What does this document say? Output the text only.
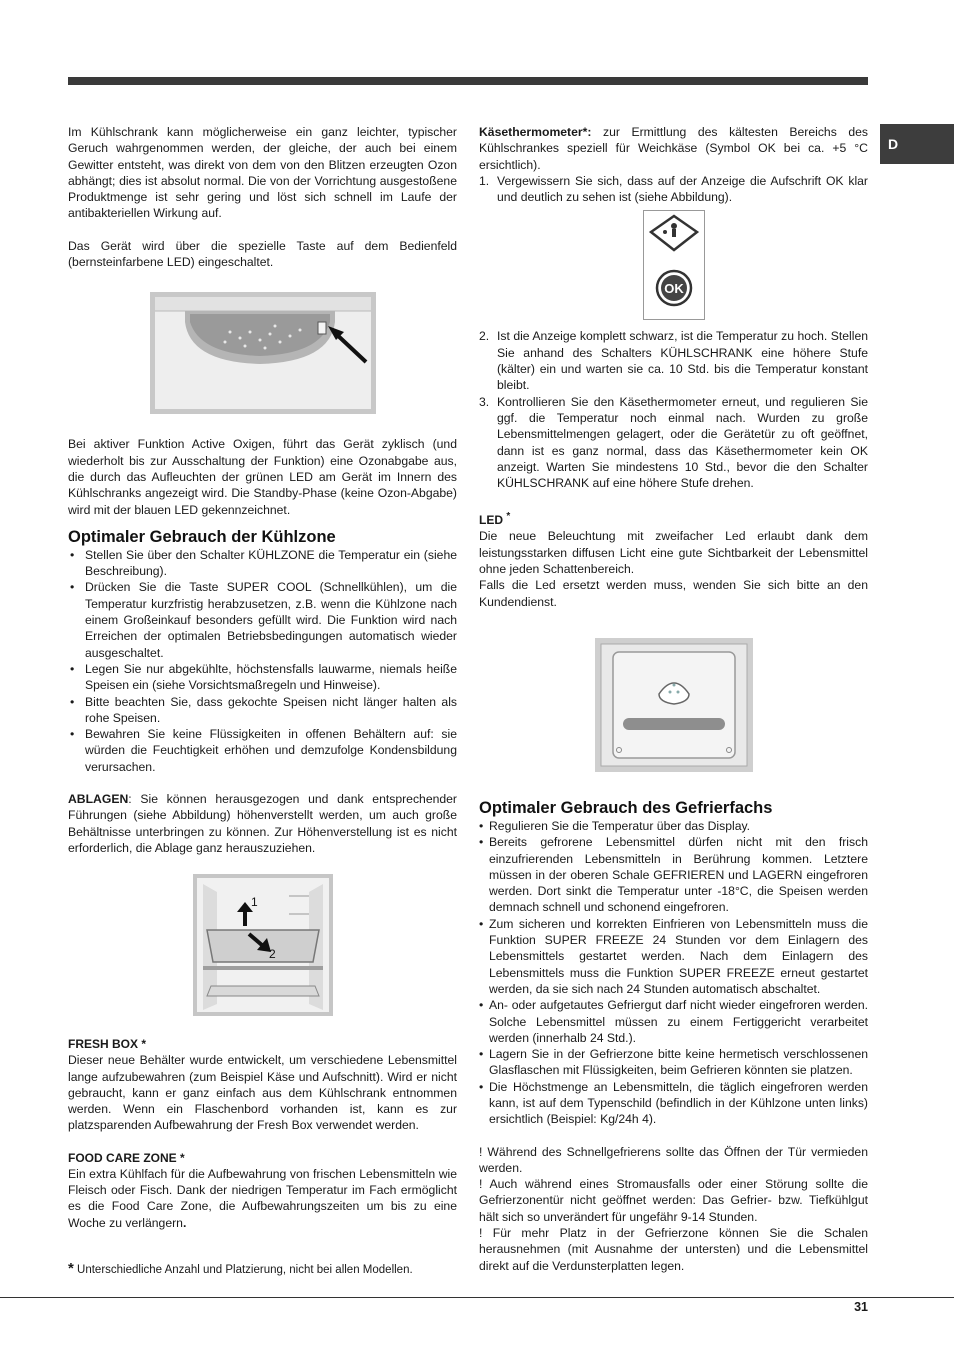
D

Im Kühlschrank kann möglicherweise ein ganz leichter, typischer Geruch wahrgenommen werden, der gleiche, der auch bei einem Gewitter entsteht, was direkt von dem von den Blitzen erzeugten Ozon abhängt; dies ist absolut normal. Die von der Vorrichtung ausgestoßene Produktmenge ist sehr gering und löst sich schnell im Laufe der antibakteriellen Wirkung auf.

Das Gerät wird über die spezielle Taste auf dem Bedienfeld (bernsteinfarbene LED) eingeschaltet.

Bei aktiver Funktion Active Oxigen, führt das Gerät zyklisch (und wiederholt bis zur Ausschaltung der Funktion) eine Ozonabgabe aus, die durch das Aufleuchten der grünen LED am Gerät im Innern des Kühlschranks angezeigt wird. Die Standby-Phase (keine Ozon-Abgabe) wird mit der blauen LED gekennzeichnet.

Optimaler Gebrauch der Kühlzone
• Stellen Sie über den Schalter KÜHLZONE die Temperatur ein (siehe Beschreibung).
• Drücken Sie die Taste SUPER COOL (Schnellkühlen), um die Temperatur kurzfristig herabzusetzen, z.B. wenn die Kühlzone nach einem Großeinkauf besonders gefüllt wird. Die Funktion wird nach Erreichen der optimalen Betriebsbedingungen automatisch wieder ausgeschaltet.
• Legen Sie nur abgekühlte, höchstensfalls lauwarme, niemals heiße Speisen ein (siehe Vorsichtsmaßregeln und Hinweise).
• Bitte beachten Sie, dass gekochte Speisen nicht länger halten als rohe Speisen.
• Bewahren Sie keine Flüssigkeiten in offenen Behältern auf: sie würden die Feuchtigkeit erhöhen und demzufolge Kondensbildung verursachen.

ABLAGEN: Sie können herausgezogen und dank entsprechender Führungen (siehe Abbildung) höhenverstellt werden, um auch große Behältnisse unterbringen zu können. Zur Höhenverstellung ist es nicht erforderlich, die Ablage ganz herauszuziehen.

1
2
FRESH BOX *

Dieser neue Behälter wurde entwickelt, um verschiedene Lebensmittel lange aufzubewahren (zum Beispiel Käse und Aufschnitt). Wird er nicht gebraucht, kann er ganz einfach aus dem Kühlschrank entnommen werden. Wenn ein Flaschenbord vorhanden ist, kann es zur platzsparenden Aufbewahrung der Fresh Box verwendet werden.

FOOD CARE ZONE *

Ein extra Kühlfach für die Aufbewahrung von frischen Lebensmitteln wie Fleisch oder Fisch. Dank der niedrigen Temperatur im Fach ermöglicht es die Food Care Zone, die Aufbewahrungszeiten um bis zu eine Woche zu verlängern.

* Unterschiedliche Anzahl und Platzierung, nicht bei allen Modellen.

Käsethermometer*: zur Ermittlung des kältesten Bereichs des Kühlschrankes speziell für Weichkäse (Symbol OK bei ca. +5 °C ersichtlich).

1. Vergewissern Sie sich, dass auf der Anzeige die Aufschrift OK klar und deutlich zu sehen ist (siehe Abbildung).
OK
2. Ist die Anzeige komplett schwarz, ist die Temperatur zu hoch. Stellen Sie anhand des Schalters KÜHLSCHRANK eine höhere Stufe (kälter) ein und warten sie ca. 10 Std. bis die Temperatur konstant bleibt.
3. Kontrollieren Sie den Käsethermometer erneut, und regulieren Sie ggf. die Temperatur noch einmal nach. Wurden zu große Lebensmittelmengen gelagert, oder die Gerätetür zu oft geöffnet, dann ist es ganz normal, dass das Käsethermometer kein OK anzeigt. Warten Sie mindestens 10 Std., bevor die den Schalter KÜHLSCHRANK auf eine höhere Stufe drehen.
LED *

Die neue Beleuchtung mit zweifacher Led erlaubt dank dem leistungsstarken diffusen Licht eine gute Sichtbarkeit der Lebensmittel ohne jeden Schattenbereich.

Falls die Led ersetzt werden muss, wenden Sie sich bitte an den Kundendienst.

Optimaler Gebrauch des Gefrierfachs
• Regulieren Sie die Temperatur über das Display.
• Bereits gefrorene Lebensmittel dürfen nicht mit den frisch einzufrierenden Lebensmitteln in Berührung kommen. Letztere müssen in der oberen Schale GEFRIEREN und LAGERN eingefroren werden. Dort sinkt die Temperatur unter -18°C, die Speisen werden demnach schnell und schonend eingefroren.
• Zum sicheren und korrekten Einfrieren von Lebensmitteln muss die Funktion SUPER FREEZE 24 Stunden vor dem Einlagern des Lebensmittels gestartet werden. Nach dem Einlagern des Lebensmittels muss die Funktion SUPER FREEZE erneut gestartet werden, da sie sich nach 24 Stunden automatisch abschaltet.
• An- oder aufgetautes Gefriergut darf nicht wieder eingefroren werden. Solche Lebensmittel müssen zu einem Fertiggericht verarbeitet werden (innerhalb 24 Std.).
• Lagern Sie in der Gefrierzone bitte keine hermetisch verschlossenen Glasflaschen mit Flüssigkeiten, beim Gefrieren könnten sie platzen.
• Die Höchstmenge an Lebensmitteln, die täglich eingefroren werden kann, ist auf dem Typenschild (befindlich in der Kühlzone unten links) ersichtlich (Beispiel: Kg/24h 4).

! Während des Schnellgefrierens sollte das Öffnen der Tür vermieden werden.

! Auch während eines Stromausfalls oder einer Störung sollte die Gefrierzonentür nicht geöffnet werden: Das Gefrier- bzw. Tiefkühlgut hält sich so unverändert für ungefähr 9-14 Stunden.

! Für mehr Platz in der Gefrierzone können Sie die Schalen herausnehmen (mit Ausnahme der untersten) und die Lebensmittel direkt auf die Verdunsterplatten legen.

31
